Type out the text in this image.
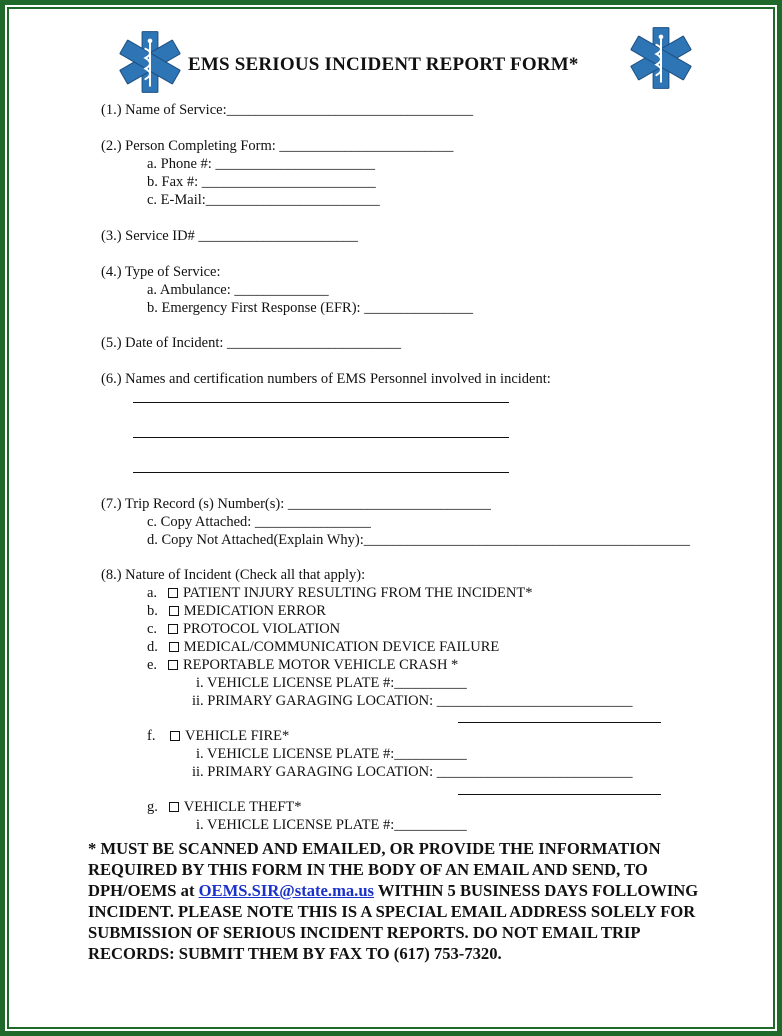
EMS SERIOUS INCIDENT REPORT FORM*
(1.) Name of Service:__________________________________
(2.) Person Completing Form: ________________________
a. Phone #: ______________________
b. Fax #: ________________________
c. E-Mail:________________________
(3.) Service ID# ______________________
(4.) Type of Service:
a. Ambulance: _____________
b. Emergency First Response (EFR): _______________
(5.) Date of Incident: ________________________
(6.) Names and certification numbers of EMS Personnel involved in incident:
(7.) Trip Record (s) Number(s): ____________________________
c. Copy Attached: ________________
d. Copy Not Attached(Explain Why):_____________________________________________
(8.) Nature of Incident (Check all that apply):
a. PATIENT INJURY RESULTING FROM THE INCIDENT*
b. MEDICATION ERROR
c. PROTOCOL VIOLATION
d. MEDICAL/COMMUNICATION DEVICE FAILURE
e. REPORTABLE MOTOR VEHICLE CRASH *
i. VEHICLE LICENSE PLATE #:__________
ii. PRIMARY GARAGING LOCATION: ___________________________
f. VEHICLE FIRE*
i. VEHICLE LICENSE PLATE #:__________
ii. PRIMARY GARAGING LOCATION: ___________________________
g. VEHICLE THEFT*
i. VEHICLE LICENSE PLATE #:__________
* MUST BE SCANNED AND EMAILED, OR PROVIDE THE INFORMATION REQUIRED BY THIS FORM IN THE BODY OF AN EMAIL AND SEND, TO DPH/OEMS at OEMS.SIR@state.ma.us WITHIN 5 BUSINESS DAYS FOLLOWING INCIDENT. PLEASE NOTE THIS IS A SPECIAL EMAIL ADDRESS SOLELY FOR SUBMISSION OF SERIOUS INCIDENT REPORTS. DO NOT EMAIL TRIP RECORDS: SUBMIT THEM BY FAX TO (617) 753-7320.
